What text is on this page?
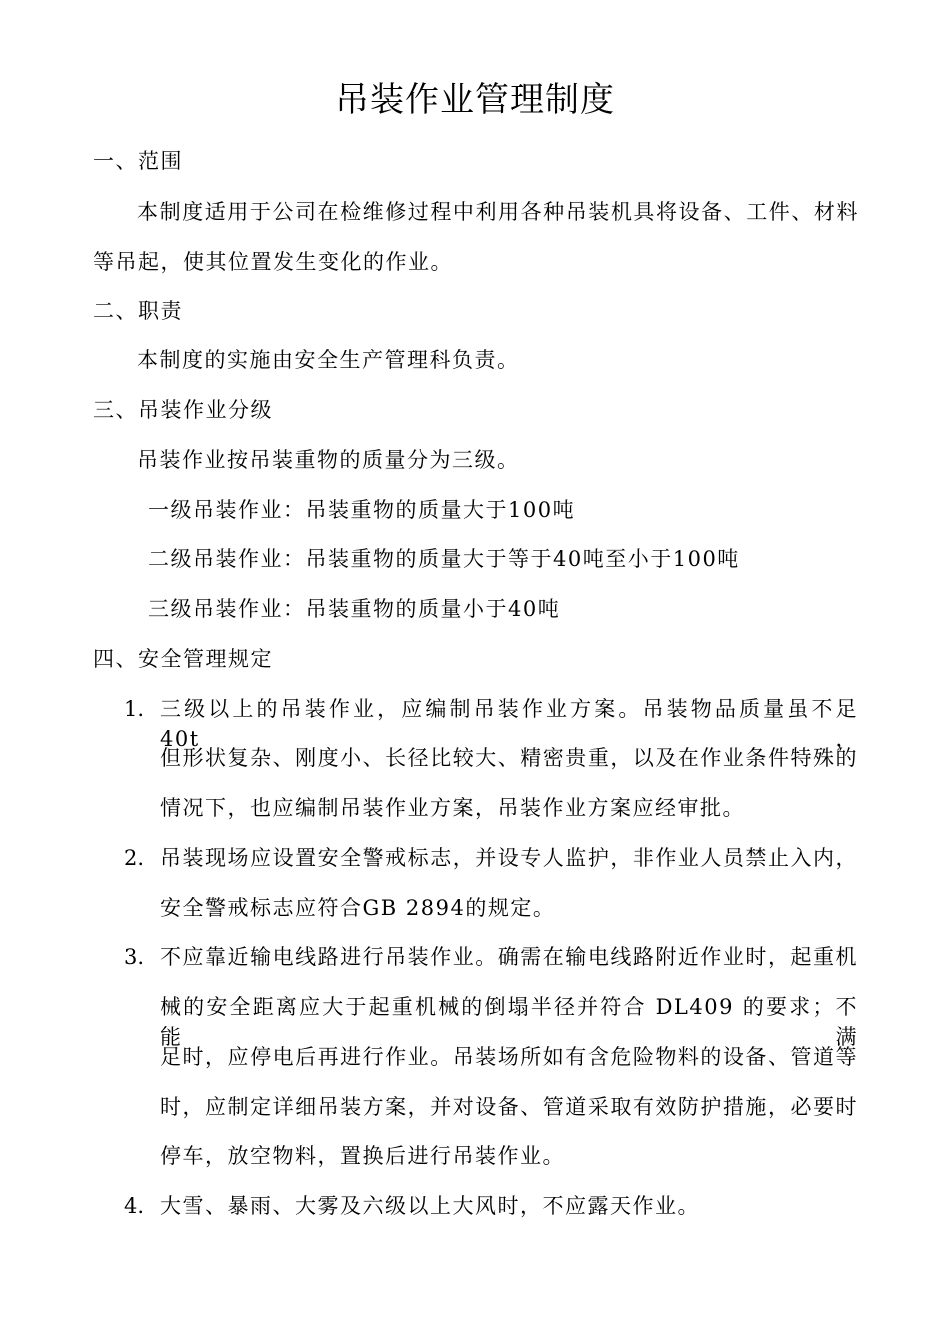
吊装作业管理制度
一、范围
本制度适用于公司在检维修过程中利用各种吊装机具将设备、工件、材料
等吊起，使其位置发生变化的作业。
二、职责
本制度的实施由安全生产管理科负责。
三、吊装作业分级
吊装作业按吊装重物的质量分为三级。
一级吊装作业：吊装重物的质量大于100吨
二级吊装作业：吊装重物的质量大于等于40吨至小于100吨
三级吊装作业：吊装重物的质量小于40吨
四、安全管理规定
1. 三级以上的吊装作业，应编制吊装作业方案。吊装物品质量虽不足40t，
但形状复杂、刚度小、长径比较大、精密贵重，以及在作业条件特殊的
情况下，也应编制吊装作业方案，吊装作业方案应经审批。
2. 吊装现场应设置安全警戒标志，并设专人监护，非作业人员禁止入内，
安全警戒标志应符合GB 2894的规定。
3. 不应靠近输电线路进行吊装作业。确需在输电线路附近作业时，起重机
械的安全距离应大于起重机械的倒塌半径并符合 DL409 的要求；不能满
足时，应停电后再进行作业。吊装场所如有含危险物料的设备、管道等
时，应制定详细吊装方案，并对设备、管道采取有效防护措施，必要时
停车，放空物料，置换后进行吊装作业。
4. 大雪、暴雨、大雾及六级以上大风时，不应露天作业。
